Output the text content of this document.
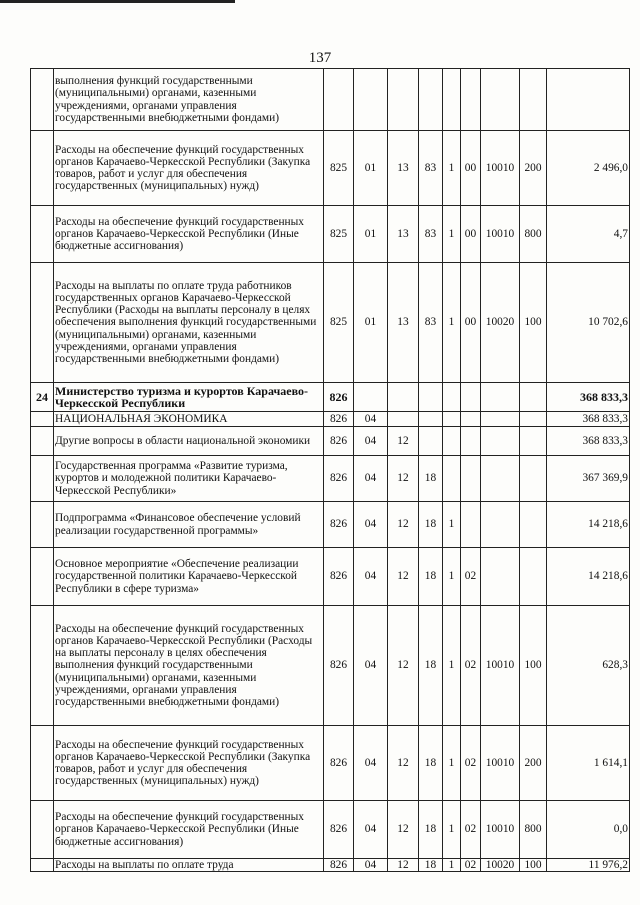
137
	выполнения функций государственными (муниципальными) органами, казенными учреждениями, органами управления государственными внебюджетными фондами)									
	Расходы на обеспечение функций государственных органов Карачаево-Черкесской Республики (Закупка товаров, работ и услуг для обеспечения государственных (муниципальных) нужд)	825	01	13	83	1	00	10010	200	2 496,0
	Расходы на обеспечение функций государственных органов Карачаево-Черкесской Республики (Иные бюджетные ассигнования)	825	01	13	83	1	00	10010	800	4,7
	Расходы на выплаты по оплате труда работников государственных органов Карачаево-Черкесской Республики (Расходы на выплаты персоналу в целях обеспечения выполнения функций государственными (муниципальными) органами, казенными учреждениями, органами управления государственными внебюджетными фондами)	825	01	13	83	1	00	10020	100	10 702,6
24	Министерство туризма и курортов Карачаево-Черкесской Республики	826								368 833,3
	НАЦИОНАЛЬНАЯ ЭКОНОМИКА	826	04							368 833,3
	Другие вопросы в области национальной экономики	826	04	12						368 833,3
	Государственная программа «Развитие туризма, курортов и молодежной политики Карачаево-Черкесской Республики»	826	04	12	18					367 369,9
	Подпрограмма «Финансовое обеспечение условий реализации государственной программы»	826	04	12	18	1				14 218,6
	Основное мероприятие «Обеспечение реализации государственной политики Карачаево-Черкесской Республики в сфере туризма»	826	04	12	18	1	02			14 218,6
	Расходы на обеспечение функций государственных органов Карачаево-Черкесской Республики (Расходы на выплаты персоналу в целях обеспечения выполнения функций государственными (муниципальными) органами, казенными учреждениями, органами управления государственными внебюджетными фондами)	826	04	12	18	1	02	10010	100	628,3
	Расходы на обеспечение функций государственных органов Карачаево-Черкесской Республики (Закупка товаров, работ и услуг для обеспечения государственных (муниципальных) нужд)	826	04	12	18	1	02	10010	200	1 614,1
	Расходы на обеспечение функций государственных органов Карачаево-Черкесской Республики (Иные бюджетные ассигнования)	826	04	12	18	1	02	10010	800	0,0
	Расходы на выплаты по оплате труда	826	04	12	18	1	02	10020	100	11 976,2
